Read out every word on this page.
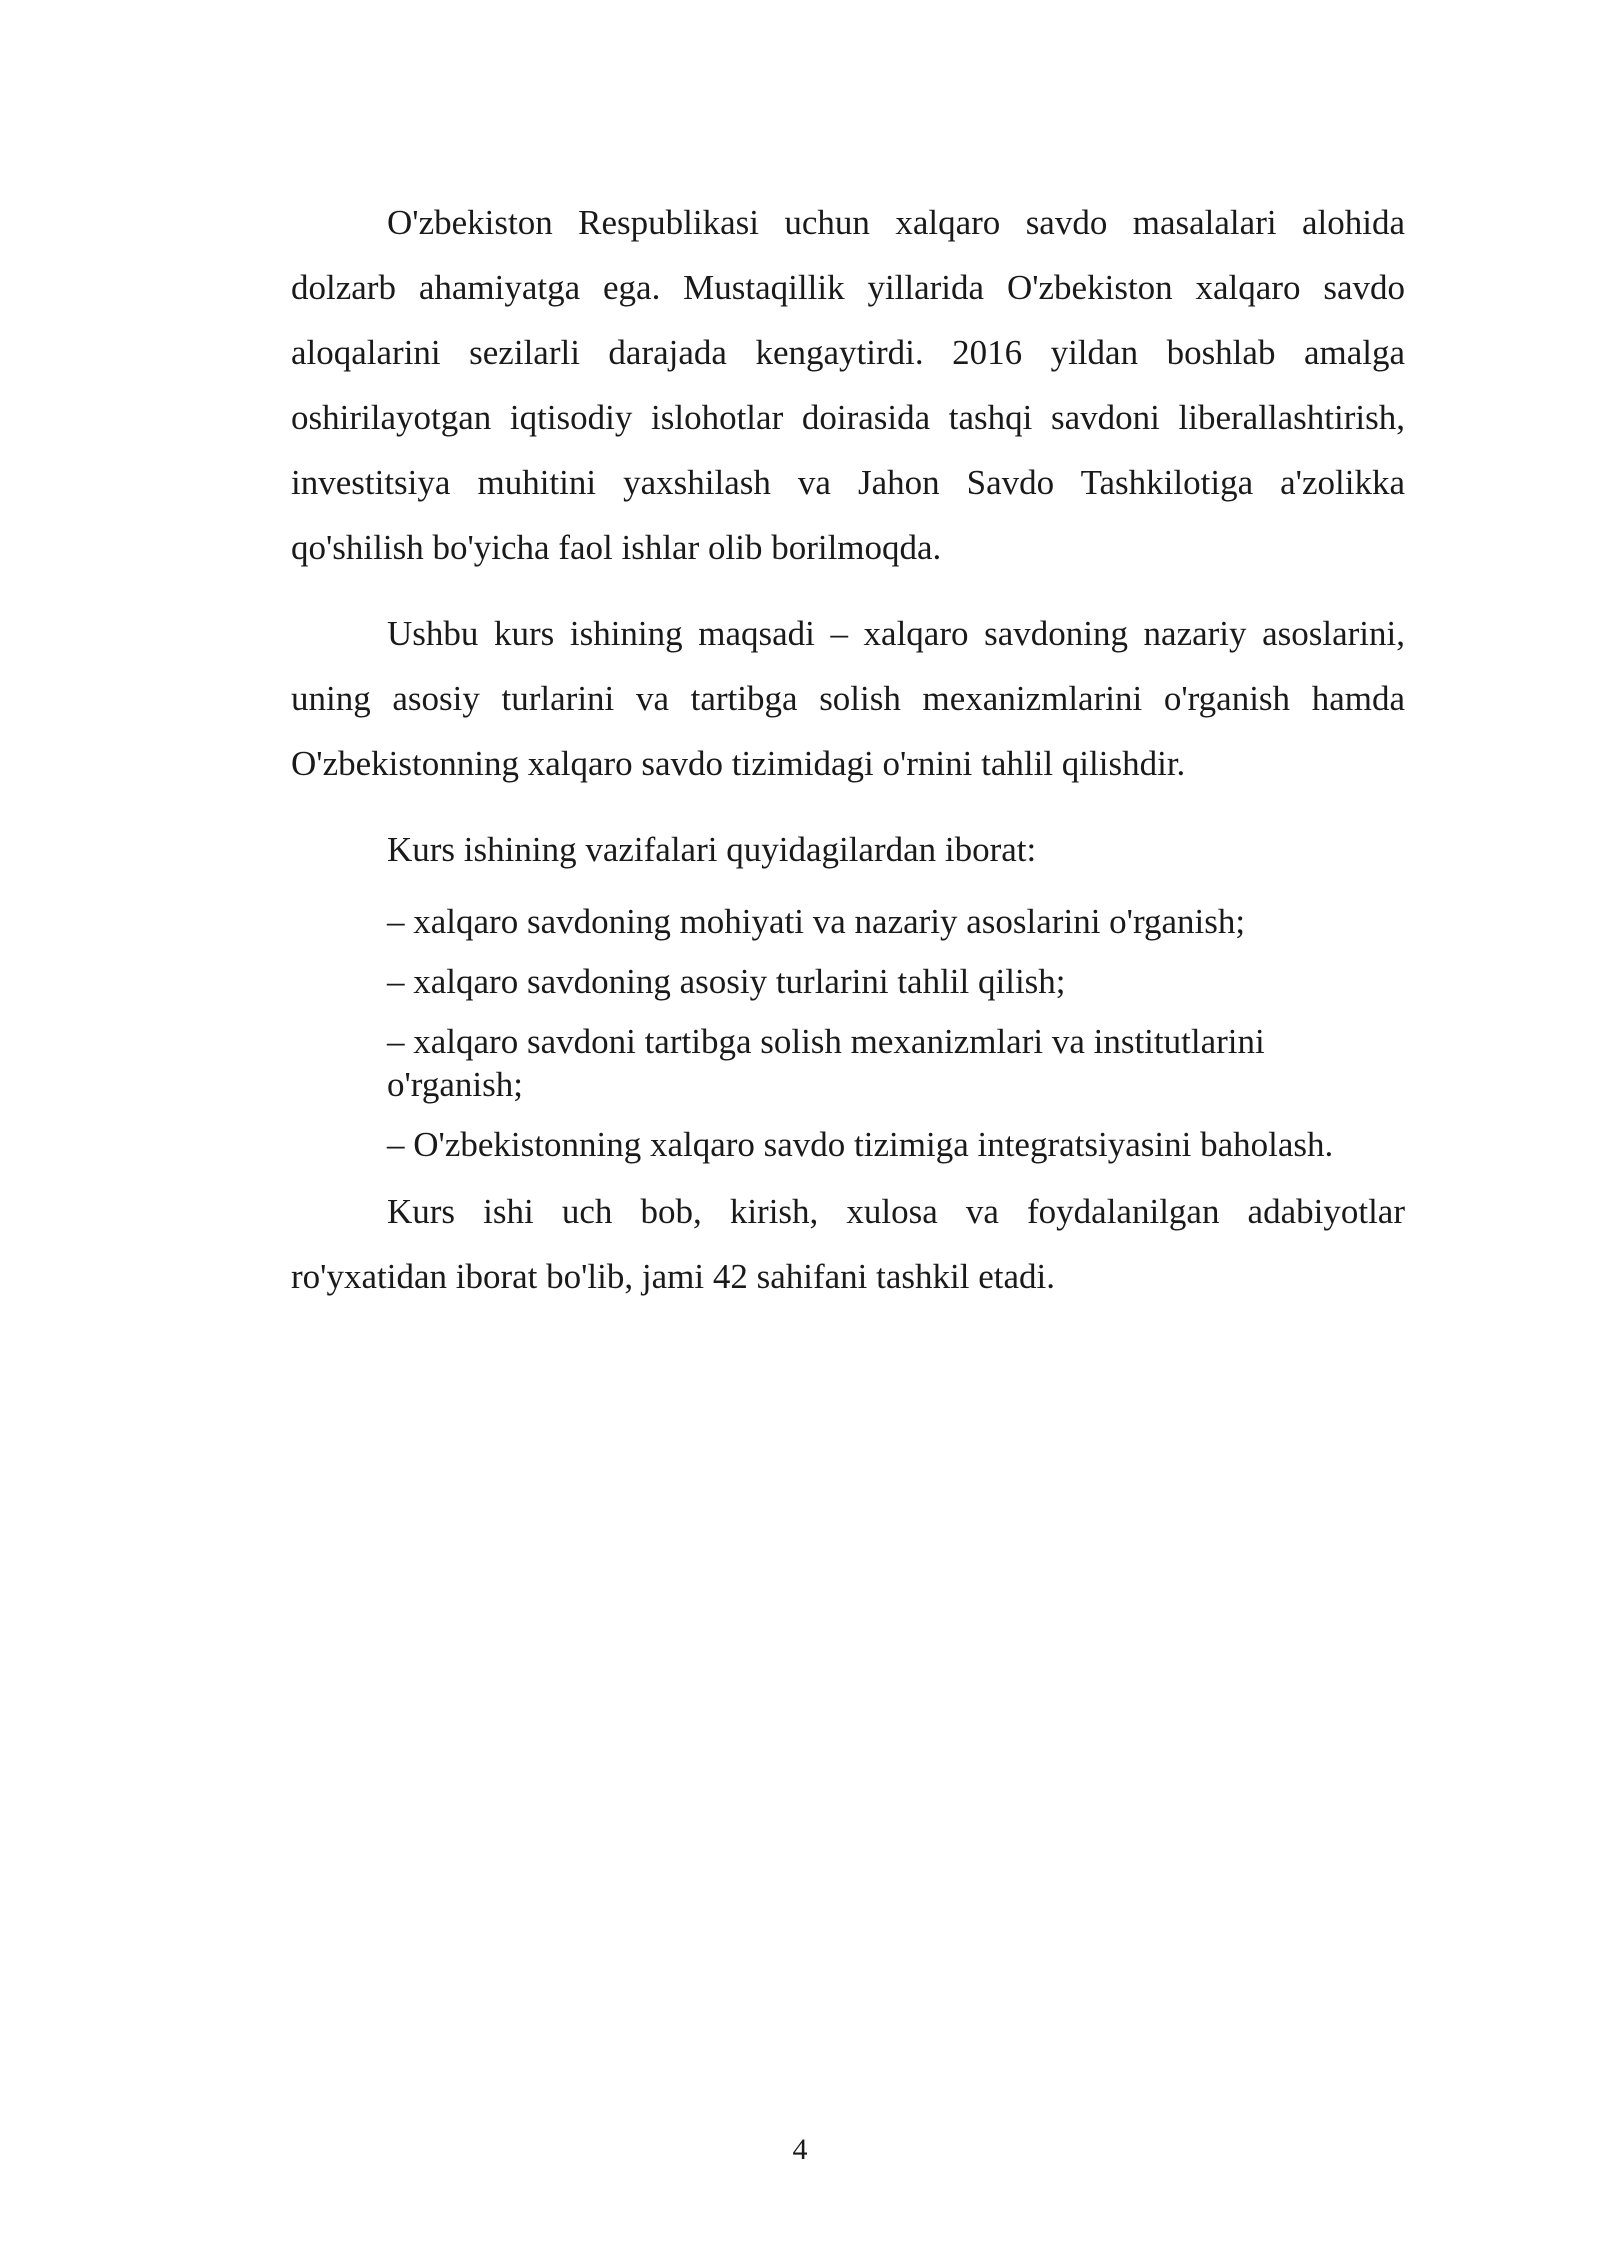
O'zbekiston Respublikasi uchun xalqaro savdo masalalari alohida dolzarb ahamiyatga ega. Mustaqillik yillarida O'zbekiston xalqaro savdo aloqalarini sezilarli darajada kengaytirdi. 2016 yildan boshlab amalga oshirilayotgan iqtisodiy islohotlar doirasida tashqi savdoni liberallashtirish, investitsiya muhitini yaxshilash va Jahon Savdo Tashkilotiga a'zolikka qo'shilish bo'yicha faol ishlar olib borilmoqda.

Ushbu kurs ishining maqsadi – xalqaro savdoning nazariy asoslarini, uning asosiy turlarini va tartibga solish mexanizmlarini o'rganish hamda O'zbekistonning xalqaro savdo tizimidagi o'rnini tahlil qilishdir.

Kurs ishining vazifalari quyidagilardan iborat:

– xalqaro savdoning mohiyati va nazariy asoslarini o'rganish;
– xalqaro savdoning asosiy turlarini tahlil qilish;
– xalqaro savdoni tartibga solish mexanizmlari va institutlarini o'rganish;
– O'zbekistonning xalqaro savdo tizimiga integratsiyasini baholash.

Kurs ishi uch bob, kirish, xulosa va foydalanilgan adabiyotlar ro'yxatidan iborat bo'lib, jami 42 sahifani tashkil etadi.

4
